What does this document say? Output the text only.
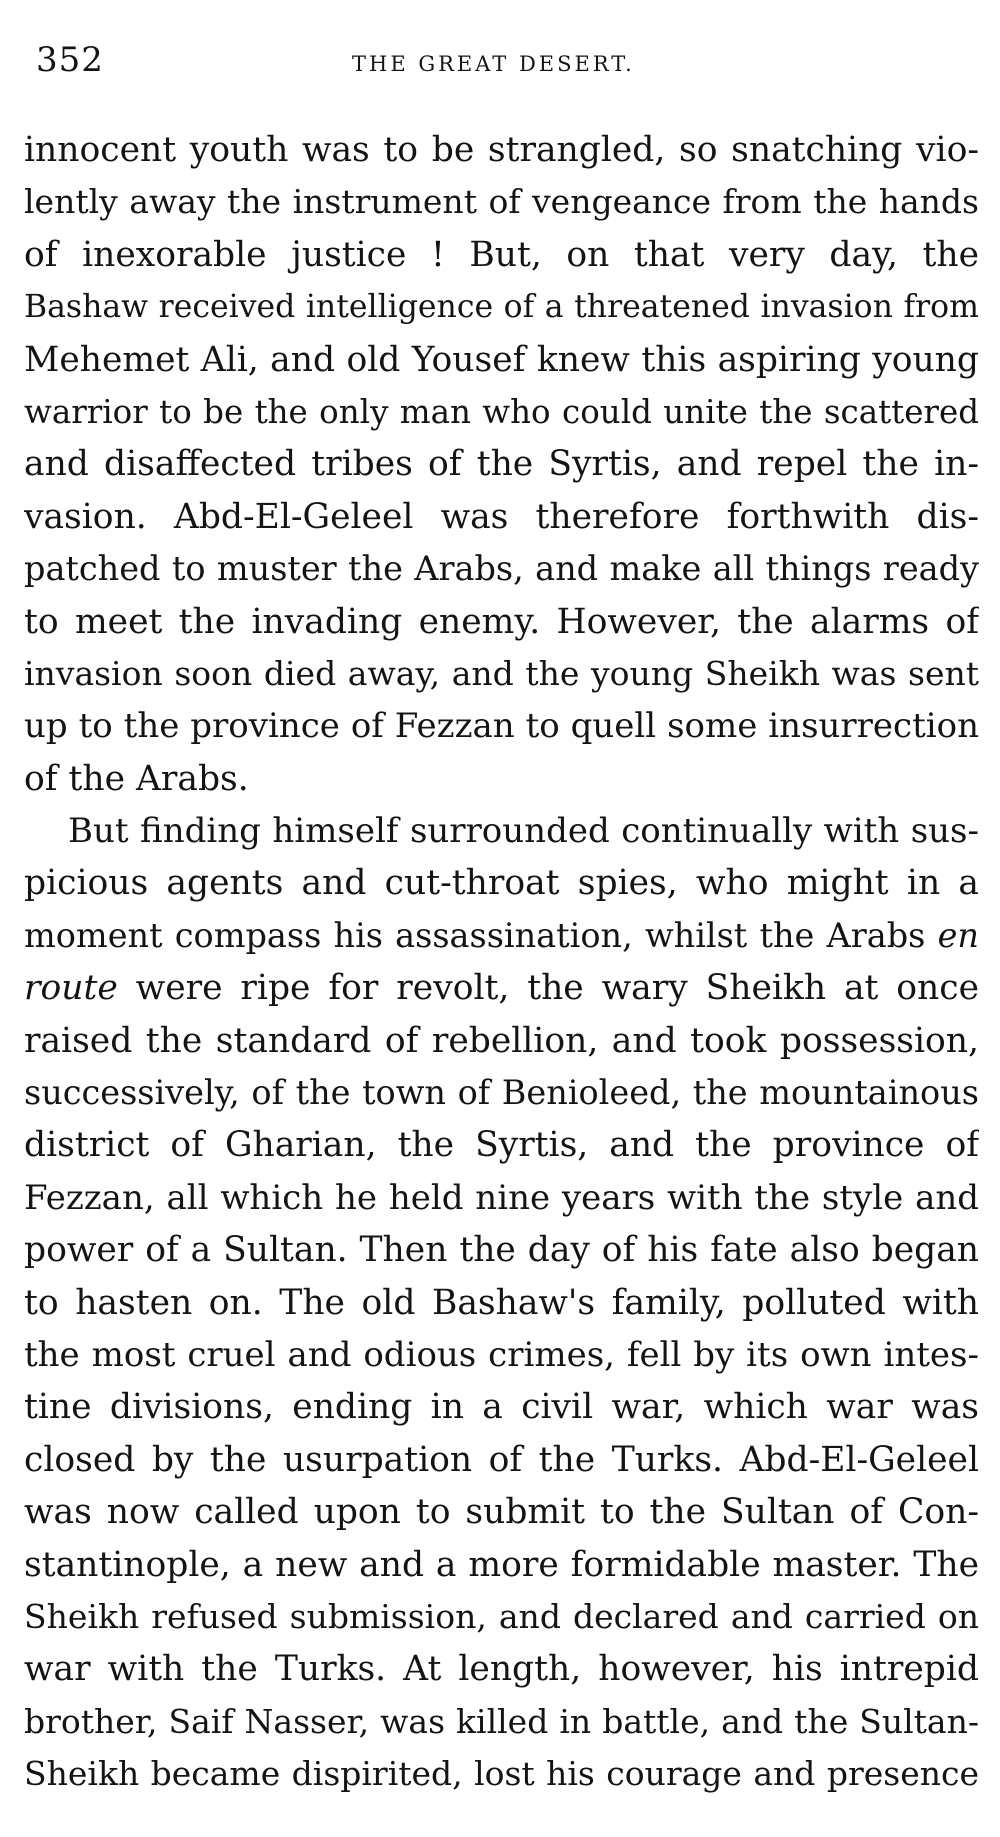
352	THE GREAT DESERT.
innocent youth was to be strangled, so snatching vio-
lently away the instrument of vengeance from the hands
of inexorable justice ! But, on that very day, the
Bashaw received intelligence of a threatened invasion from
Mehemet Ali, and old Yousef knew this aspiring young
warrior to be the only man who could unite the scattered
and disaffected tribes of the Syrtis, and repel the in-
vasion. Abd-El-Geleel was therefore forthwith dis-
patched to muster the Arabs, and make all things ready
to meet the invading enemy. However, the alarms of
invasion soon died away, and the young Sheikh was sent
up to the province of Fezzan to quell some insurrection
of the Arabs.
But finding himself surrounded continually with sus-
picious agents and cut-throat spies, who might in a
moment compass his assassination, whilst the Arabs en
route were ripe for revolt, the wary Sheikh at once
raised the standard of rebellion, and took possession,
successively, of the town of Benioleed, the mountainous
district of Gharian, the Syrtis, and the province of
Fezzan, all which he held nine years with the style and
power of a Sultan. Then the day of his fate also began
to hasten on. The old Bashaw's family, polluted with
the most cruel and odious crimes, fell by its own intes-
tine divisions, ending in a civil war, which war was
closed by the usurpation of the Turks. Abd-El-Geleel
was now called upon to submit to the Sultan of Con-
stantinople, a new and a more formidable master. The
Sheikh refused submission, and declared and carried on
war with the Turks. At length, however, his intrepid
brother, Saif Nasser, was killed in battle, and the Sultan-
Sheikh became dispirited, lost his courage and presence
